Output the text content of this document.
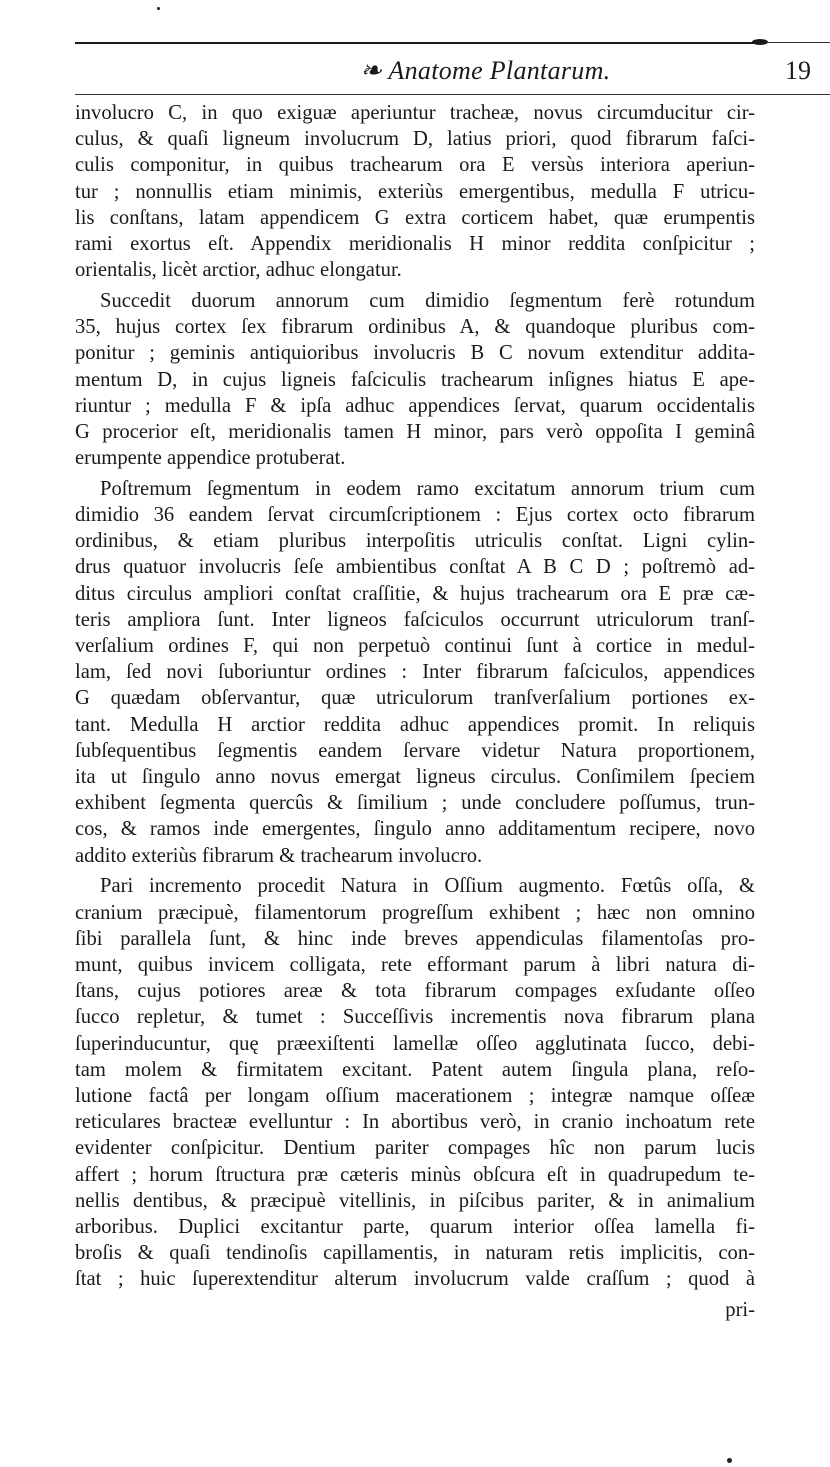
❧ Anatome Plantarum.	19
involucro C, in quo exiguæ aperiuntur tracheæ, novus circumducitur cir-
culus, & quaſi ligneum involucrum D, latius priori, quod fibrarum faſci-
culis componitur, in quibus trachearum ora E versùs interiora aperiun-
tur ; nonnullis etiam minimis, exteriùs emergentibus, medulla F utricu-
lis conſtans, latam appendicem G extra corticem habet, quæ erumpentis
rami exortus eſt. Appendix meridionalis H minor reddita conſpicitur ;
orientalis, licèt arctior, adhuc elongatur.
Succedit duorum annorum cum dimidio ſegmentum ferè rotundum
35, hujus cortex ſex fibrarum ordinibus A, & quandoque pluribus com-
ponitur ; geminis antiquioribus involucris B C novum extenditur addita-
mentum D, in cujus ligneis faſciculis trachearum inſignes hiatus E ape-
riuntur ; medulla F & ipſa adhuc appendices ſervat, quarum occidentalis
G procerior eſt, meridionalis tamen H minor, pars verò oppoſita I geminâ
erumpente appendice protuberat.
Poſtremum ſegmentum in eodem ramo excitatum annorum trium cum
dimidio 36 eandem ſervat circumſcriptionem : Ejus cortex octo fibrarum
ordinibus, & etiam pluribus interpoſitis utriculis conſtat. Ligni cylin-
drus quatuor involucris ſeſe ambientibus conſtat A B C D ; poſtremò ad-
ditus circulus ampliori conſtat craſſitie, & hujus trachearum ora E præ cæ-
teris ampliora ſunt. Inter ligneos faſciculos occurrunt utriculorum tranſ-
verſalium ordines F, qui non perpetuò continui ſunt à cortice in medul-
lam, ſed novi ſuboriuntur ordines : Inter fibrarum faſciculos, appendices
G quædam obſervantur, quæ utriculorum tranſverſalium portiones ex-
tant. Medulla H arctior reddita adhuc appendices promit. In reliquis
ſubſequentibus ſegmentis eandem ſervare videtur Natura proportionem,
ita ut ſingulo anno novus emergat ligneus circulus. Conſimilem ſpeciem
exhibent ſegmenta quercûs & ſimilium ; unde concludere poſſumus, trun-
cos, & ramos inde emergentes, ſingulo anno additamentum recipere, novo
addito exteriùs fibrarum & trachearum involucro.
Pari incremento procedit Natura in Oſſium augmento. Fœtûs oſſa, &
cranium præcipuè, filamentorum progreſſum exhibent ; hæc non omnino
ſibi parallela ſunt, & hinc inde breves appendiculas filamentoſas pro-
munt, quibus invicem colligata, rete efformant parum à libri natura di-
ſtans, cujus potiores areæ & tota fibrarum compages exſudante oſſeo
ſucco repletur, & tumet : Succeſſivis incrementis nova fibrarum plana
ſuperinducuntur, quę præexiſtenti lamellæ oſſeo agglutinata ſucco, debi-
tam molem & firmitatem excitant. Patent autem ſingula plana, reſo-
lutione factâ per longam oſſium macerationem ; integræ namque oſſeæ
reticulares bracteæ evelluntur : In abortibus verò, in cranio inchoatum rete
evidenter conſpicitur. Dentium pariter compages hîc non parum lucis
affert ; horum ſtructura præ cæteris minùs obſcura eſt in quadrupedum te-
nellis dentibus, & præcipuè vitellinis, in piſcibus pariter, & in animalium
arboribus. Duplici excitantur parte, quarum interior oſſea lamella fi-
broſis & quaſi tendinoſis capillamentis, in naturam retis implicitis, con-
ſtat ; huic ſuperextenditur alterum involucrum valde craſſum ; quod à
pri-
